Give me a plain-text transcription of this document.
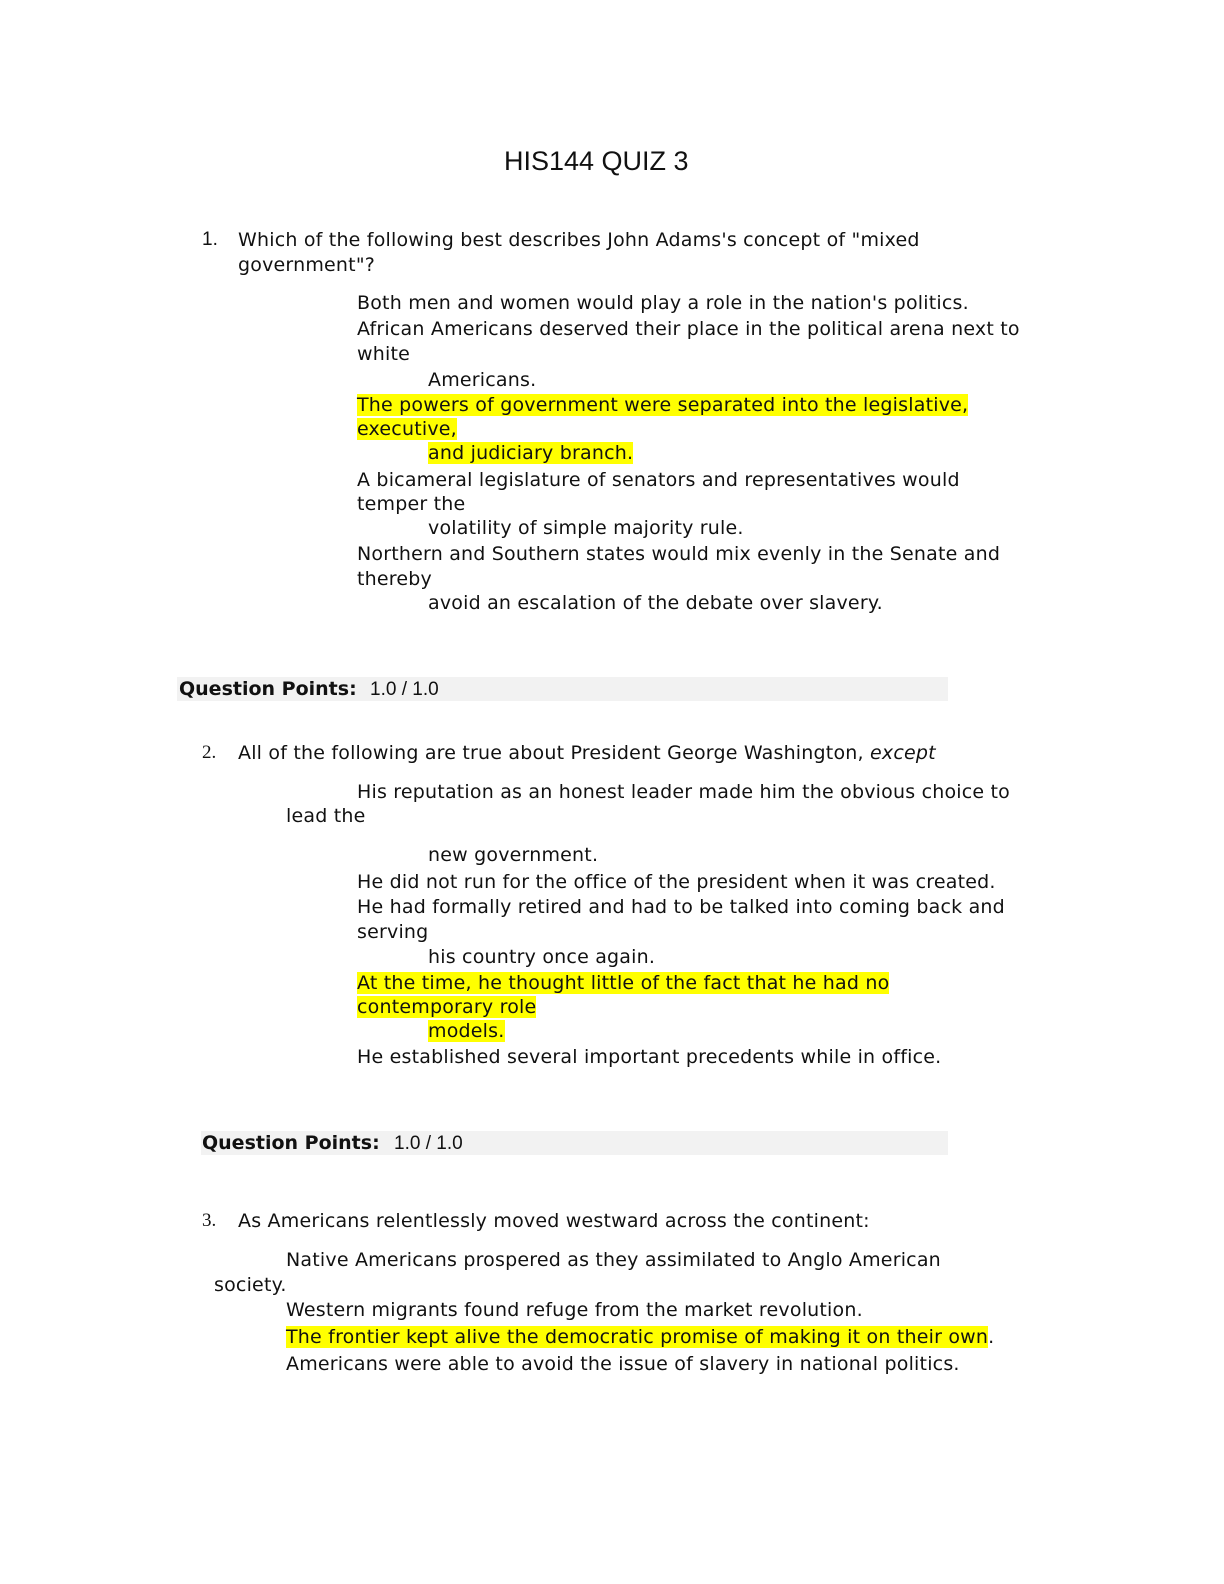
HIS144 QUIZ 3
1. Which of the following best describes John Adams's concept of "mixed
government"?
Both men and women would play a role in the nation's politics.
African Americans deserved their place in the political arena next to
white
Americans.
The powers of government were separated into the legislative,
executive,
and judiciary branch.
A bicameral legislature of senators and representatives would
temper the
volatility of simple majority rule.
Northern and Southern states would mix evenly in the Senate and
thereby
avoid an escalation of the debate over slavery.
Question Points: 1.0 / 1.0
2. All of the following are true about President George Washington, except
His reputation as an honest leader made him the obvious choice to
lead the
new government.
He did not run for the office of the president when it was created.
He had formally retired and had to be talked into coming back and
serving
his country once again.
At the time, he thought little of the fact that he had no
contemporary role
models.
He established several important precedents while in office.
Question Points: 1.0 / 1.0
3. As Americans relentlessly moved westward across the continent:
Native Americans prospered as they assimilated to Anglo American
society.
Western migrants found refuge from the market revolution.
The frontier kept alive the democratic promise of making it on their own.
Americans were able to avoid the issue of slavery in national politics.
